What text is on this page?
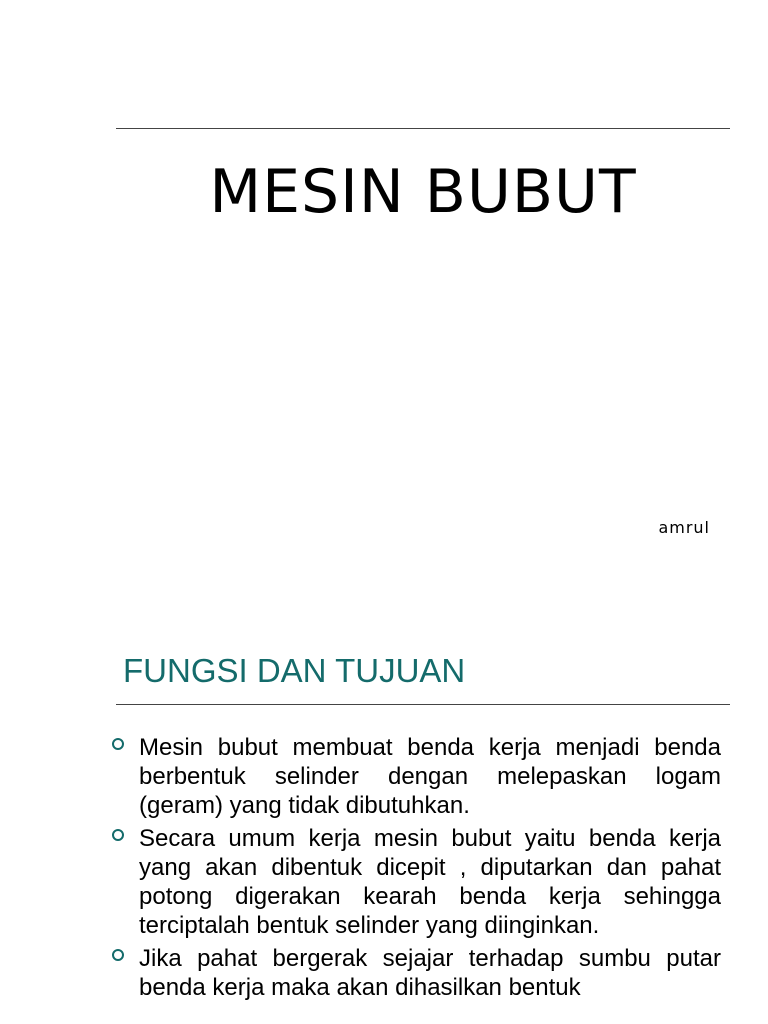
MESIN BUBUT
amrul
FUNGSI DAN TUJUAN
Mesin bubut membuat benda kerja menjadi benda berbentuk selinder dengan melepaskan logam (geram) yang tidak dibutuhkan.
Secara umum kerja mesin bubut yaitu benda kerja yang akan dibentuk dicepit , diputarkan dan pahat potong digerakan kearah benda kerja sehingga terciptalah bentuk selinder yang diinginkan.
Jika pahat bergerak sejajar terhadap sumbu putar benda kerja maka akan dihasilkan bentuk
